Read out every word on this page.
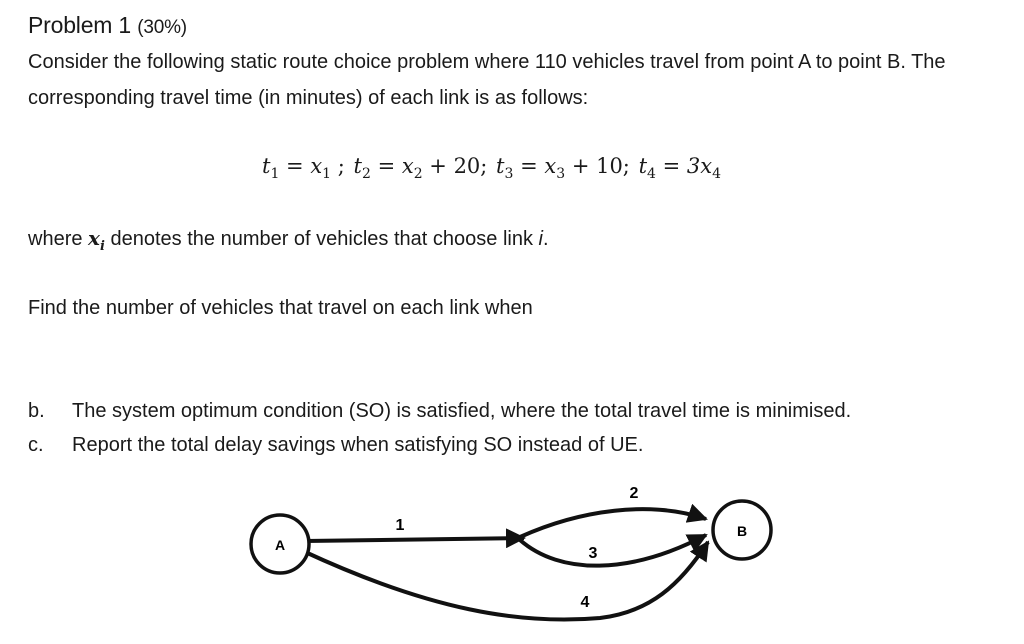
Problem 1 (30%)
Consider the following static route choice problem where 110 vehicles travel from point A to point B. The corresponding travel time (in minutes) of each link is as follows:
$t_1 = x_1$ ; $t_2 = x_2 + 20$; $t_3 = x_3 + 10$; $t_4 = 3x_4$
where $x_i$ denotes the number of vehicles that choose link i.
Find the number of vehicles that travel on each link when
b. The system optimum condition (SO) is satisfied, where the total travel time is minimised.
c. Report the total delay savings when satisfying SO instead of UE.
A
B
1
2
3
4
